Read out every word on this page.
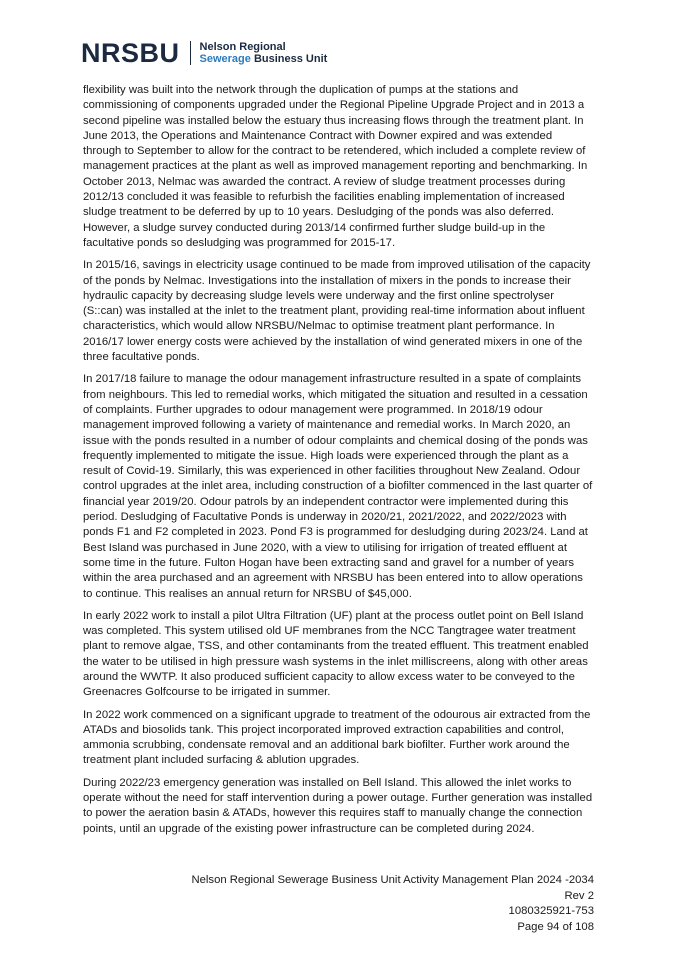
NRSBU Nelson Regional
Sewerage Business Unit

flexibility was built into the network through the duplication of pumps at the stations and commissioning of components upgraded under the Regional Pipeline Upgrade Project and in 2013 a second pipeline was installed below the estuary thus increasing flows through the treatment plant. In June 2013, the Operations and Maintenance Contract with Downer expired and was extended through to September to allow for the contract to be retendered, which included a complete review of management practices at the plant as well as improved management reporting and benchmarking. In October 2013, Nelmac was awarded the contract. A review of sludge treatment processes during 2012/13 concluded it was feasible to refurbish the facilities enabling implementation of increased sludge treatment to be deferred by up to 10 years. Desludging of the ponds was also deferred. However, a sludge survey conducted during 2013/14 confirmed further sludge build-up in the facultative ponds so desludging was programmed for 2015-17.

In 2015/16, savings in electricity usage continued to be made from improved utilisation of the capacity of the ponds by Nelmac. Investigations into the installation of mixers in the ponds to increase their hydraulic capacity by decreasing sludge levels were underway and the first online spectrolyser (S::can) was installed at the inlet to the treatment plant, providing real-time information about influent characteristics, which would allow NRSBU/Nelmac to optimise treatment plant performance. In 2016/17 lower energy costs were achieved by the installation of wind generated mixers in one of the three facultative ponds.

In 2017/18 failure to manage the odour management infrastructure resulted in a spate of complaints from neighbours. This led to remedial works, which mitigated the situation and resulted in a cessation of complaints. Further upgrades to odour management were programmed. In 2018/19 odour management improved following a variety of maintenance and remedial works. In March 2020, an issue with the ponds resulted in a number of odour complaints and chemical dosing of the ponds was frequently implemented to mitigate the issue. High loads were experienced through the plant as a result of Covid-19. Similarly, this was experienced in other facilities throughout New Zealand. Odour control upgrades at the inlet area, including construction of a biofilter commenced in the last quarter of financial year 2019/20. Odour patrols by an independent contractor were implemented during this period. Desludging of Facultative Ponds is underway in 2020/21, 2021/2022, and 2022/2023 with ponds F1 and F2 completed in 2023. Pond F3 is programmed for desludging during 2023/24. Land at Best Island was purchased in June 2020, with a view to utilising for irrigation of treated effluent at some time in the future. Fulton Hogan have been extracting sand and gravel for a number of years within the area purchased and an agreement with NRSBU has been entered into to allow operations to continue. This realises an annual return for NRSBU of $45,000.

In early 2022 work to install a pilot Ultra Filtration (UF) plant at the process outlet point on Bell Island was completed. This system utilised old UF membranes from the NCC Tangtragee water treatment plant to remove algae, TSS, and other contaminants from the treated effluent. This treatment enabled the water to be utilised in high pressure wash systems in the inlet milliscreens, along with other areas around the WWTP. It also produced sufficient capacity to allow excess water to be conveyed to the Greenacres Golfcourse to be irrigated in summer.

In 2022 work commenced on a significant upgrade to treatment of the odourous air extracted from the ATADs and biosolids tank. This project incorporated improved extraction capabilities and control, ammonia scrubbing, condensate removal and an additional bark biofilter. Further work around the treatment plant included surfacing & ablution upgrades.

During 2022/23 emergency generation was installed on Bell Island. This allowed the inlet works to operate without the need for staff intervention during a power outage. Further generation was installed to power the aeration basin & ATADs, however this requires staff to manually change the connection points, until an upgrade of the existing power infrastructure can be completed during 2024.

Nelson Regional Sewerage Business Unit Activity Management Plan 2024 -2034
Rev 2
1080325921-753
Page 94 of 108
